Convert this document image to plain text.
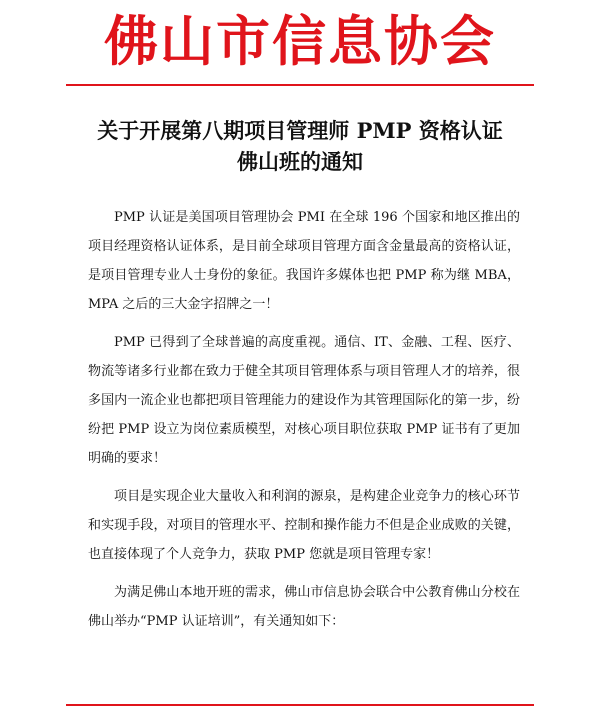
佛山市信息协会
关于开展第八期项目管理师 PMP 资格认证
佛山班的通知

PMP 认证是美国项目管理协会 PMI 在全球 196 个国家和地区推出的项目经理资格认证体系，是目前全球项目管理方面含金量最高的资格认证，是项目管理专业人士身份的象征。我国许多媒体也把 PMP 称为继 MBA，MPA 之后的三大金字招牌之一！

PMP 已得到了全球普遍的高度重视。通信、IT、金融、工程、医疗、物流等诸多行业都在致力于健全其项目管理体系与项目管理人才的培养，很多国内一流企业也都把项目管理能力的建设作为其管理国际化的第一步，纷纷把 PMP 设立为岗位素质模型，对核心项目职位获取 PMP 证书有了更加明确的要求！

项目是实现企业大量收入和利润的源泉，是构建企业竞争力的核心环节和实现手段，对项目的管理水平、控制和操作能力不但是企业成败的关键，也直接体现了个人竞争力，获取 PMP 您就是项目管理专家！

为满足佛山本地开班的需求，佛山市信息协会联合中公教育佛山分校在佛山举办“PMP 认证培训”，有关通知如下：
